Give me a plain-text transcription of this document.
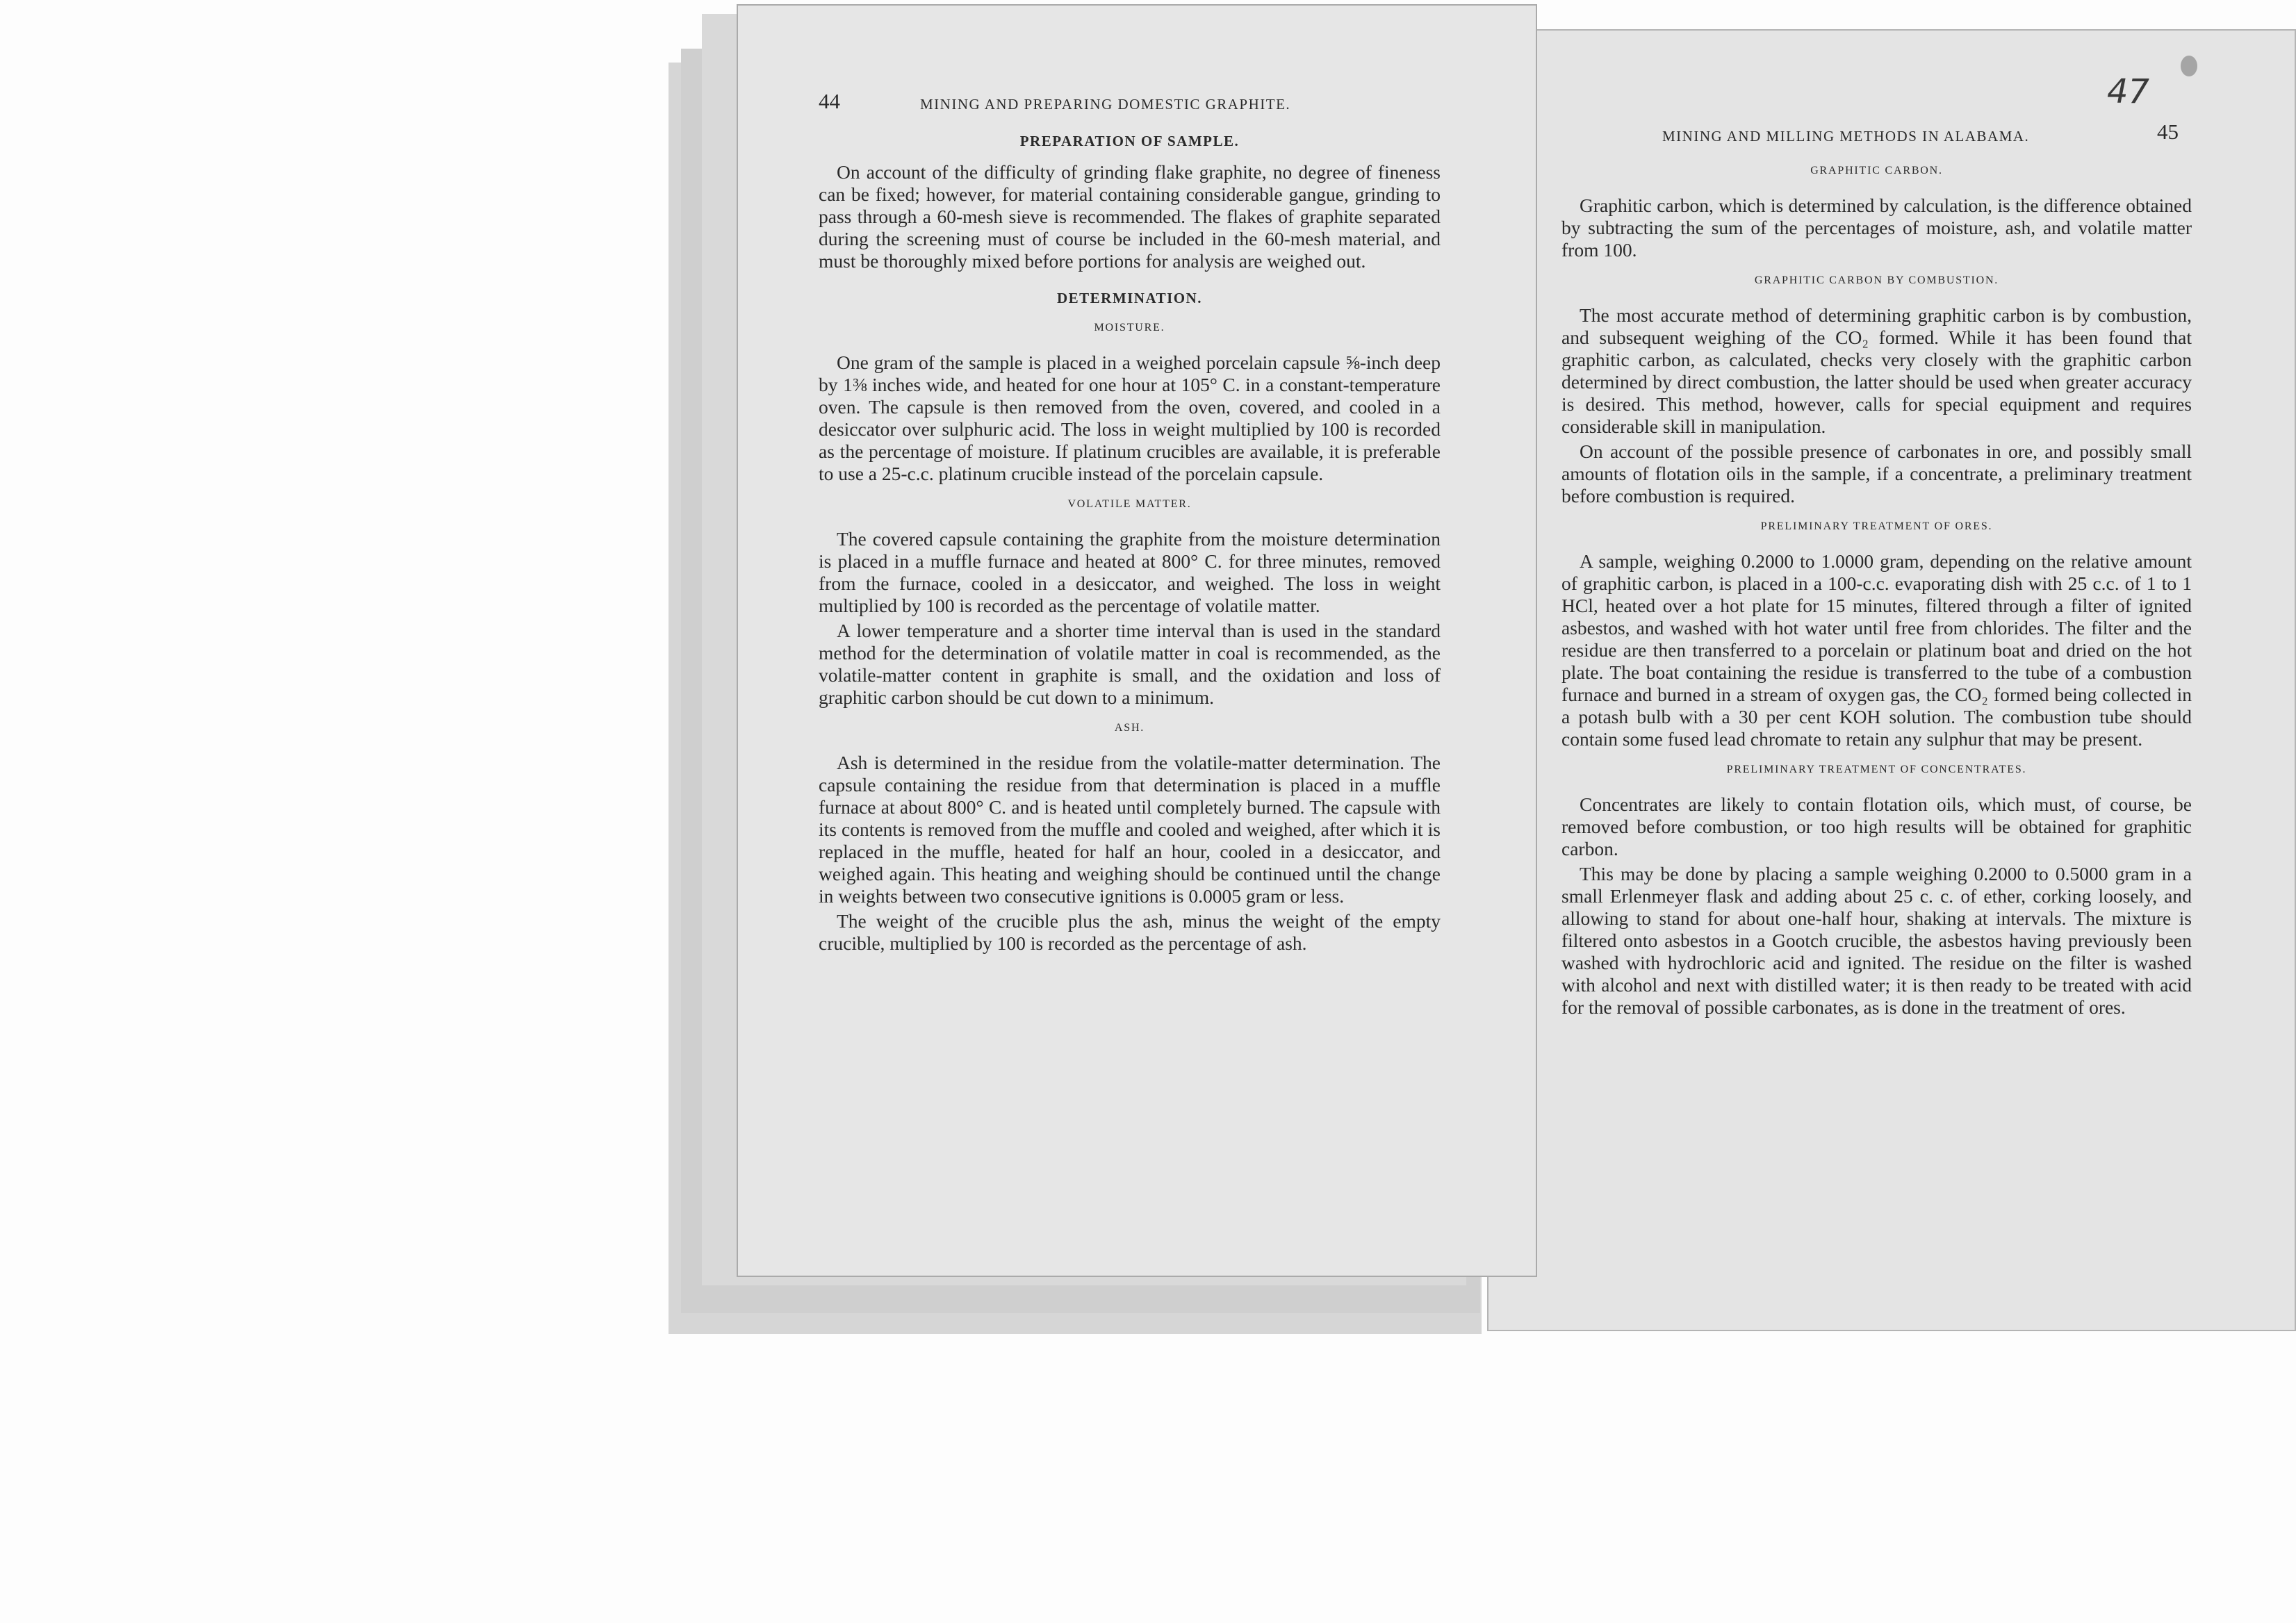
MINING AND MILLING METHODS IN ALABAMA.	45
47
GRAPHITIC CARBON.

Graphitic carbon, which is determined by calculation, is the difference obtained by subtracting the sum of the percentages of moisture, ash, and volatile matter from 100.

GRAPHITIC CARBON BY COMBUSTION.

The most accurate method of determining graphitic carbon is by combustion, and subsequent weighing of the CO₂ formed. While it has been found that graphitic carbon, as calculated, checks very closely with the graphitic carbon determined by direct combustion, the latter should be used when greater accuracy is desired. This method, however, calls for special equipment and requires considerable skill in manipulation.

On account of the possible presence of carbonates in ore, and possibly small amounts of flotation oils in the sample, if a concentrate, a preliminary treatment before combustion is required.

PRELIMINARY TREATMENT OF ORES.

A sample, weighing 0.2000 to 1.0000 gram, depending on the relative amount of graphitic carbon, is placed in a 100-c.c. evaporating dish with 25 c.c. of 1 to 1 HCl, heated over a hot plate for 15 minutes, filtered through a filter of ignited asbestos, and washed with hot water until free from chlorides. The filter and the residue are then transferred to a porcelain or platinum boat and dried on the hot plate. The boat containing the residue is transferred to the tube of a combustion furnace and burned in a stream of oxygen gas, the CO₂ formed being collected in a potash bulb with a 30 per cent KOH solution. The combustion tube should contain some fused lead chromate to retain any sulphur that may be present.

PRELIMINARY TREATMENT OF CONCENTRATES.

Concentrates are likely to contain flotation oils, which must, of course, be removed before combustion, or too high results will be obtained for graphitic carbon.

This may be done by placing a sample weighing 0.2000 to 0.5000 gram in a small Erlenmeyer flask and adding about 25 c. c. of ether, corking loosely, and allowing to stand for about one-half hour, shaking at intervals. The mixture is filtered onto asbestos in a Gootch crucible, the asbestos having previously been washed with hydrochloric acid and ignited. The residue on the filter is washed with alcohol and next with distilled water; it is then ready to be treated with acid for the removal of possible carbonates, as is done in the treatment of ores.

44	MINING AND PREPARING DOMESTIC GRAPHITE.
PREPARATION OF SAMPLE.

On account of the difficulty of grinding flake graphite, no degree of fineness can be fixed; however, for material containing considerable gangue, grinding to pass through a 60-mesh sieve is recommended. The flakes of graphite separated during the screening must of course be included in the 60-mesh material, and must be thoroughly mixed before portions for analysis are weighed out.

DETERMINATION.
MOISTURE.

One gram of the sample is placed in a weighed porcelain capsule ⅝-inch deep by 1⅜ inches wide, and heated for one hour at 105° C. in a constant-temperature oven. The capsule is then removed from the oven, covered, and cooled in a desiccator over sulphuric acid. The loss in weight multiplied by 100 is recorded as the percentage of moisture. If platinum crucibles are available, it is preferable to use a 25-c.c. platinum crucible instead of the porcelain capsule.

VOLATILE MATTER.

The covered capsule containing the graphite from the moisture determination is placed in a muffle furnace and heated at 800° C. for three minutes, removed from the furnace, cooled in a desiccator, and weighed. The loss in weight multiplied by 100 is recorded as the percentage of volatile matter.

A lower temperature and a shorter time interval than is used in the standard method for the determination of volatile matter in coal is recommended, as the volatile-matter content in graphite is small, and the oxidation and loss of graphitic carbon should be cut down to a minimum.

ASH.

Ash is determined in the residue from the volatile-matter determination. The capsule containing the residue from that determination is placed in a muffle furnace at about 800° C. and is heated until completely burned. The capsule with its contents is removed from the muffle and cooled and weighed, after which it is replaced in the muffle, heated for half an hour, cooled in a desiccator, and weighed again. This heating and weighing should be continued until the change in weights between two consecutive ignitions is 0.0005 gram or less.

The weight of the crucible plus the ash, minus the weight of the empty crucible, multiplied by 100 is recorded as the percentage of ash.
